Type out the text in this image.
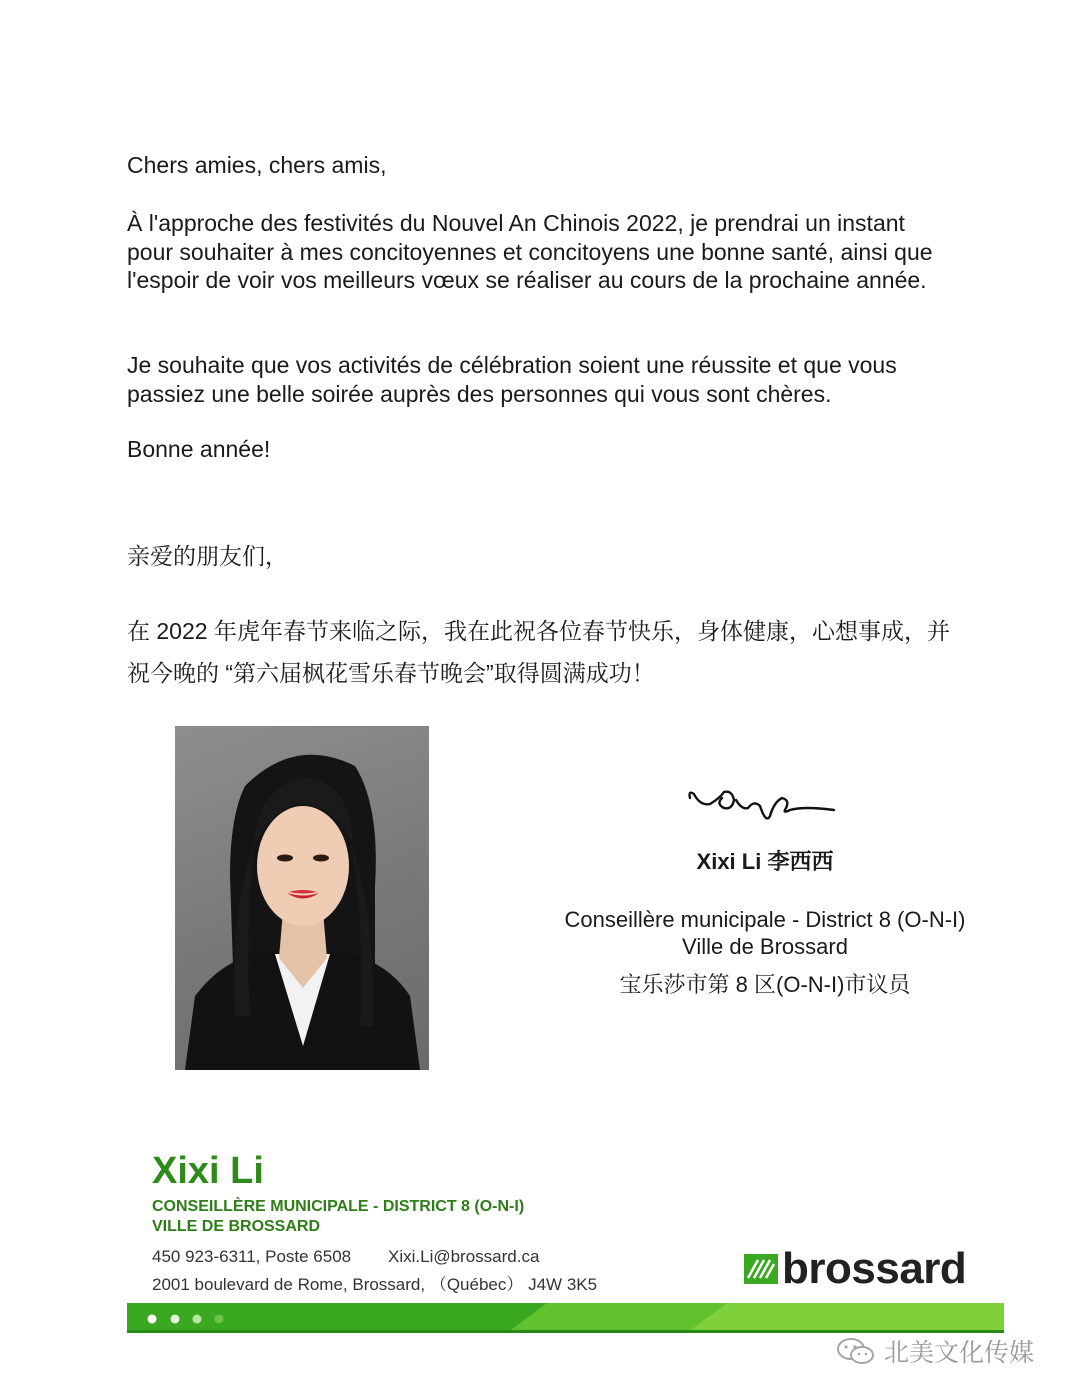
Chers amies, chers amis,
À l'approche des festivités du Nouvel An Chinois 2022, je prendrai un instant pour souhaiter à mes concitoyennes et concitoyens une bonne santé, ainsi que l'espoir de voir vos meilleurs vœux se réaliser au cours de la prochaine année.
Je souhaite que vos activités de célébration soient une réussite et que vous passiez une belle soirée auprès des personnes qui vous sont chères.
Bonne année!
亲爱的朋友们，
在 2022 年虎年春节来临之际，我在此祝各位春节快乐，身体健康，心想事成，并祝今晚的 “第六届枫花雪乐春节晚会”取得圆满成功！
Xixi Li 李西西
Conseillère municipale - District 8 (O-N-I)
Ville de Brossard
宝乐莎市第 8 区(O-N-I)市议员
Xixi Li
CONSEILLÈRE MUNICIPALE - DISTRICT 8 (O-N-I)
VILLE DE BROSSARD
450 923-6311, Poste 6508 Xixi.Li@brossard.ca
2001 boulevard de Rome, Brossard, （Québec） J4W 3K5	brossard
北美文化传媒
